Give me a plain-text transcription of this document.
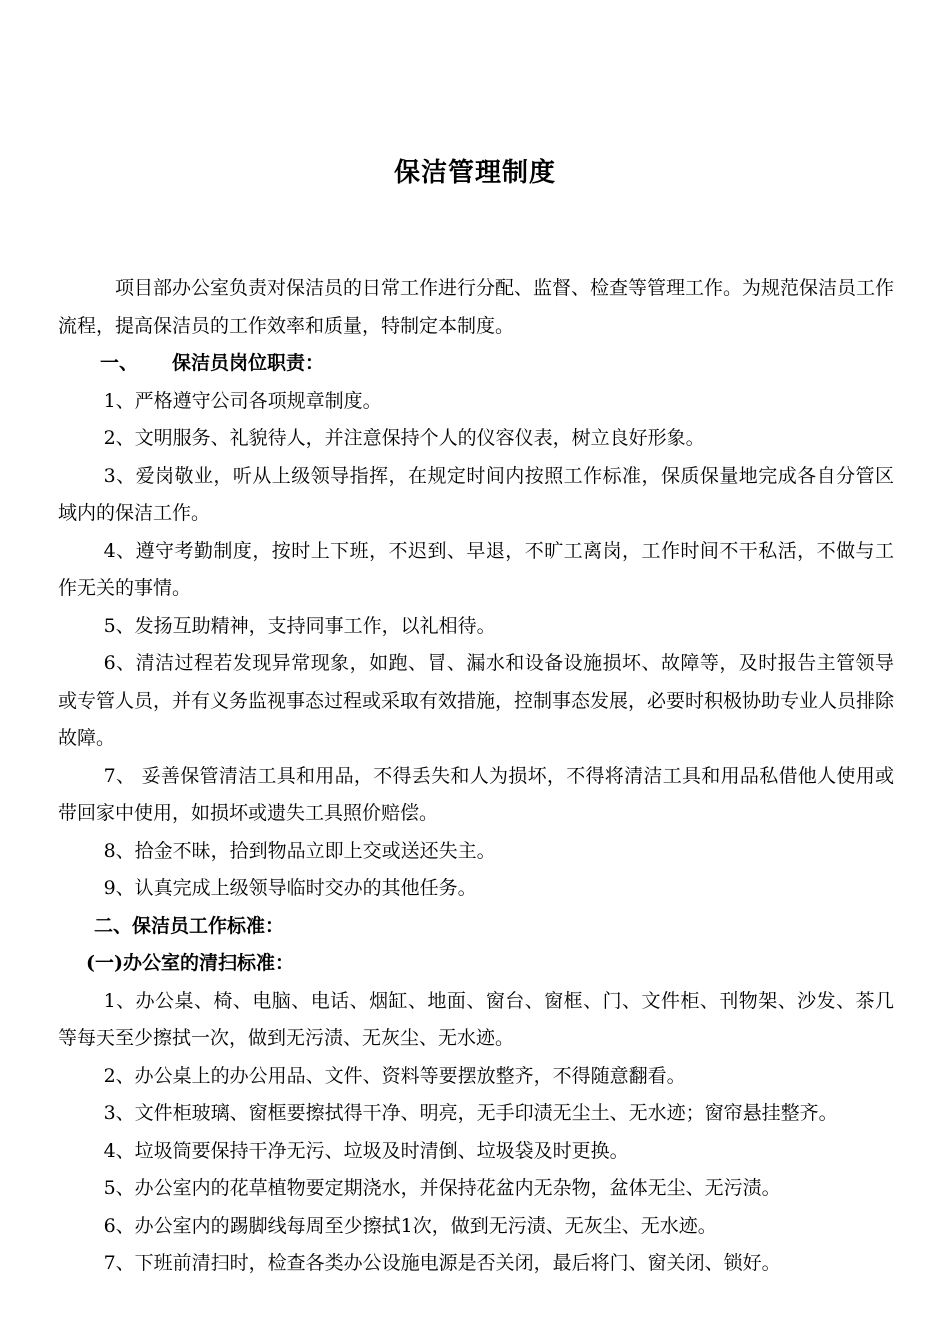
保洁管理制度

项目部办公室负责对保洁员的日常工作进行分配、监督、检查等管理工作。为规范保洁员工作流程，提高保洁员的工作效率和质量，特制定本制度。

一、 保洁员岗位职责：

1、严格遵守公司各项规章制度。

2、文明服务、礼貌待人，并注意保持个人的仪容仪表，树立良好形象。

3、爱岗敬业，听从上级领导指挥，在规定时间内按照工作标准，保质保量地完成各自分管区域内的保洁工作。

4、遵守考勤制度，按时上下班，不迟到、早退，不旷工离岗，工作时间不干私活，不做与工作无关的事情。

5、发扬互助精神，支持同事工作，以礼相待。

6、清洁过程若发现异常现象，如跑、冒、漏水和设备设施损坏、故障等，及时报告主管领导或专管人员，并有义务监视事态过程或采取有效措施，控制事态发展，必要时积极协助专业人员排除故障。

7、 妥善保管清洁工具和用品，不得丢失和人为损坏，不得将清洁工具和用品私借他人使用或带回家中使用，如损坏或遗失工具照价赔偿。

8、拾金不昧，拾到物品立即上交或送还失主。

9、认真完成上级领导临时交办的其他任务。

二、保洁员工作标准：

(一)办公室的清扫标准：

1、办公桌、椅、电脑、电话、烟缸、地面、窗台、窗框、门、文件柜、刊物架、沙发、茶几等每天至少擦拭一次，做到无污渍、无灰尘、无水迹。

2、办公桌上的办公用品、文件、资料等要摆放整齐，不得随意翻看。

3、文件柜玻璃、窗框要擦拭得干净、明亮，无手印渍无尘土、无水迹；窗帘悬挂整齐。

4、垃圾筒要保持干净无污、垃圾及时清倒、垃圾袋及时更换。

5、办公室内的花草植物要定期浇水，并保持花盆内无杂物，盆体无尘、无污渍。

6、办公室内的踢脚线每周至少擦拭1次，做到无污渍、无灰尘、无水迹。

7、下班前清扫时，检查各类办公设施电源是否关闭，最后将门、窗关闭、锁好。
